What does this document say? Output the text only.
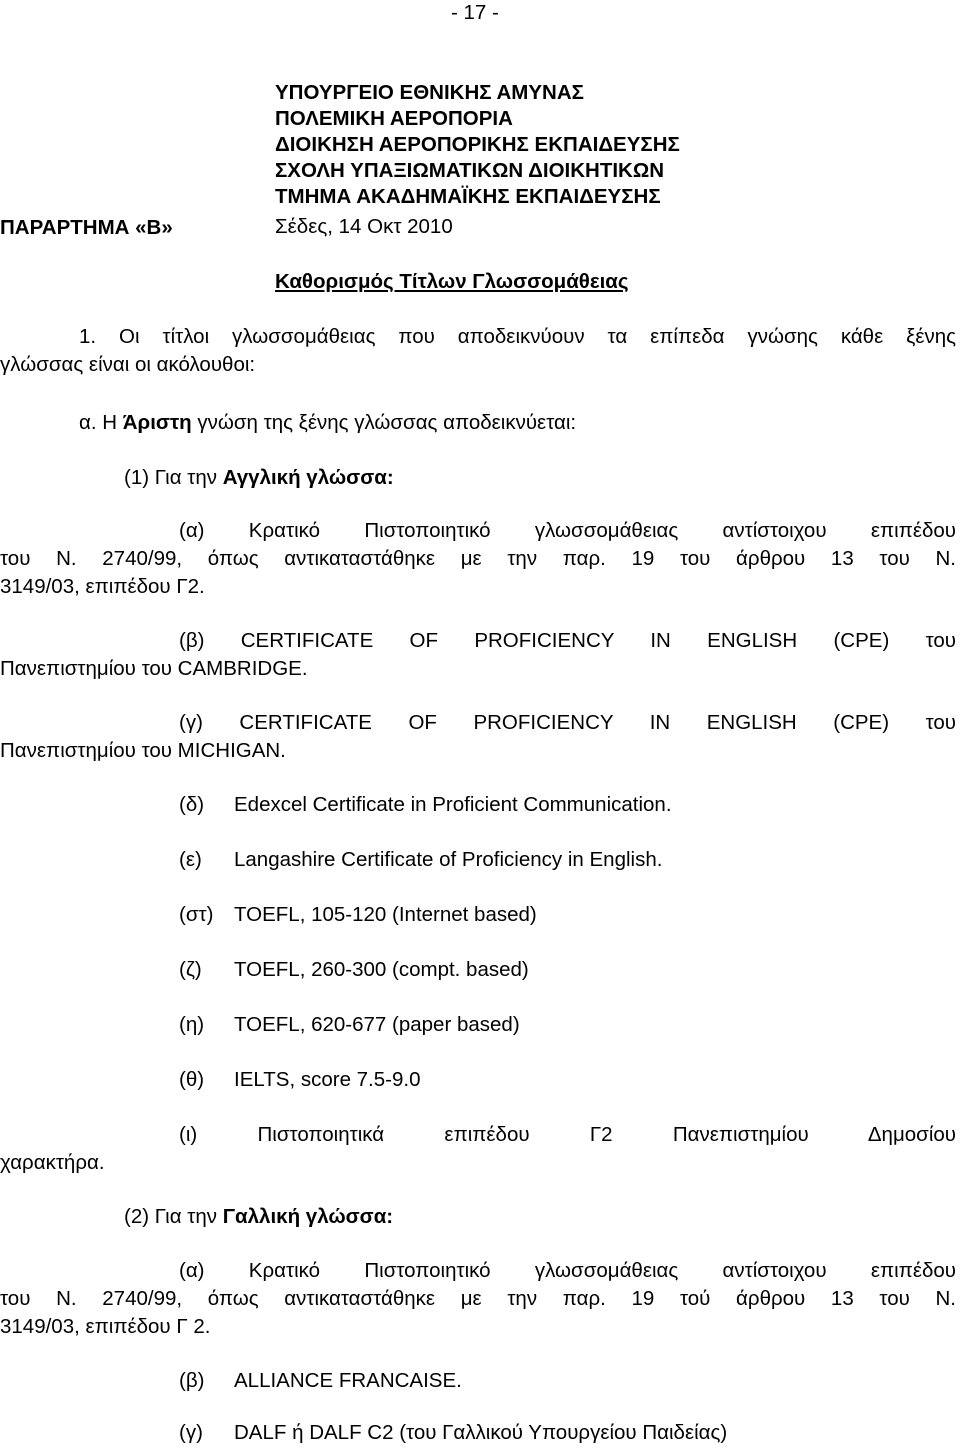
- 17 -
ΥΠΟΥΡΓΕΙΟ ΕΘΝΙΚΗΣ ΑΜΥΝΑΣ
ΠΟΛΕΜΙΚΗ ΑΕΡΟΠΟΡΙΑ
ΔΙΟΙΚΗΣΗ ΑΕΡΟΠΟΡΙΚΗΣ ΕΚΠΑΙΔΕΥΣΗΣ
ΣΧΟΛΗ ΥΠΑΞΙΩΜΑΤΙΚΩΝ ΔΙΟΙΚΗΤΙΚΩΝ
ΤΜΗΜΑ ΑΚΑΔΗΜΑΪΚΗΣ ΕΚΠΑΙΔΕΥΣΗΣ
ΠΑΡΑΡΤΗΜΑ «Β»	Σέδες, 14 Οκτ 2010
Καθορισμός Τίτλων Γλωσσομάθειας
1. Οι τίτλοι γλωσσομάθειας που αποδεικνύουν τα επίπεδα γνώσης κάθε ξένης
γλώσσας είναι οι ακόλουθοι:
α. Η Άριστη γνώση της ξένης γλώσσας αποδεικνύεται:
(1) Για την Αγγλική γλώσσα:
(α) Κρατικό Πιστοποιητικό γλωσσομάθειας αντίστοιχου επιπέδου
του Ν. 2740/99, όπως αντικαταστάθηκε με την παρ. 19 του άρθρου 13 του Ν.
3149/03, επιπέδου Γ2.
(β) CERTIFICATE OF PROFICIENCY IN ENGLISH (CPE) του
Πανεπιστημίου του CAMBRIDGE.
(γ) CERTIFICATE OF PROFICIENCY IN ENGLISH (CPE) του
Πανεπιστημίου του MICHIGAN.
(δ) Edexcel Certificate in Proficient Communication.
(ε) Langashire Certificate of Proficiency in English.
(στ) TOEFL, 105-120 (Internet based)
(ζ) TOEFL, 260-300 (compt. based)
(η) TOEFL, 620-677 (paper based)
(θ) IELTS, score 7.5-9.0
(ι) Πιστοποιητικά επιπέδου Γ2 Πανεπιστημίου Δημοσίου
χαρακτήρα.
(2) Για την Γαλλική γλώσσα:
(α) Κρατικό Πιστοποιητικό γλωσσομάθειας αντίστοιχου επιπέδου
του Ν. 2740/99, όπως αντικαταστάθηκε με την παρ. 19 τού άρθρου 13 του Ν.
3149/03, επιπέδου Γ 2.
(β) ALLIANCE FRANCAISE.
(γ) DALF ή DALF C2 (του Γαλλικού Υπουργείου Παιδείας)
